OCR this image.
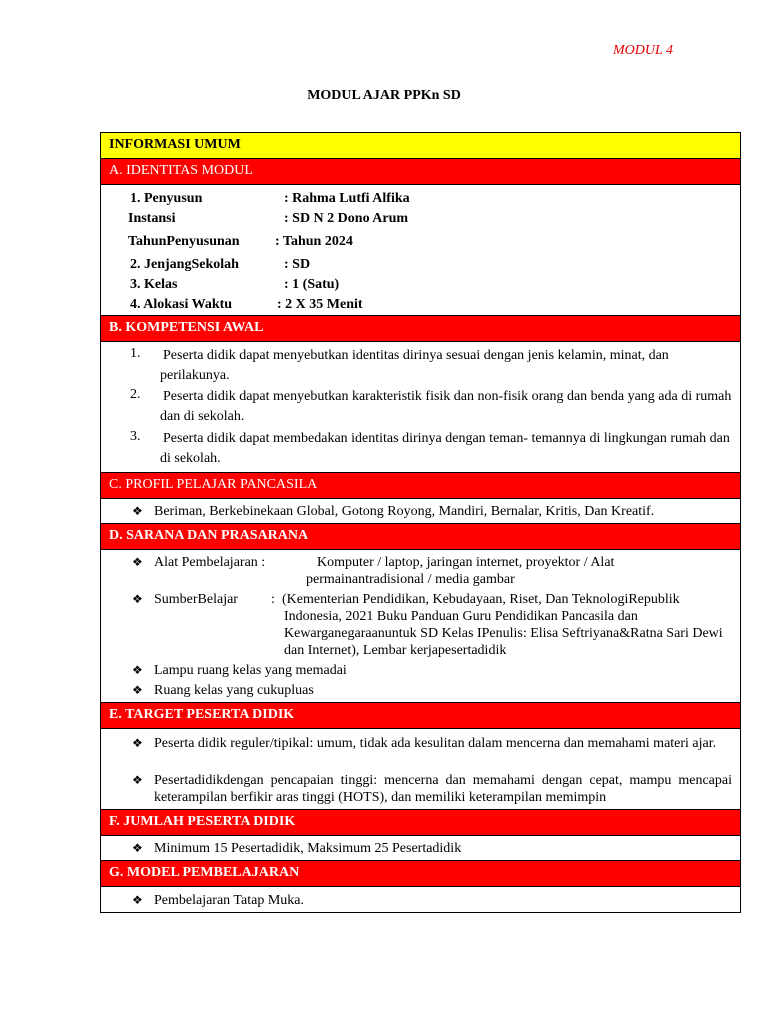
MODUL 4
MODUL AJAR PPKn SD
INFORMASI UMUM
A. IDENTITAS MODUL

1. Penyusun	: Rahma Lutfi Alfika
Instansi	: SD N 2 Dono Arum
TahunPenyusunan	: Tahun 2024
2. JenjangSekolah	: SD
3. Kelas	: 1 (Satu)
4. Alokasi Waktu	: 2 X 35 Menit

B. KOMPETENSI AWAL

1. Peserta didik dapat menyebutkan identitas dirinya sesuai dengan jenis kelamin, minat, dan perilakunya.
2. Peserta didik dapat menyebutkan karakteristik fisik dan non-fisik orang dan benda yang ada di rumah dan di sekolah.
3. Peserta didik dapat membedakan identitas dirinya dengan teman- temannya di lingkungan rumah dan di sekolah.

C. PROFIL PELAJAR PANCASILA

❖ Beriman, Berkebinekaan Global, Gotong Royong, Mandiri, Bernalar, Kritis, Dan Kreatif.

D. SARANA DAN PRASARANA

❖ Alat Pembelajaran :	Komputer / laptop, jaringan internet, proyektor / Alat
permainantradisional / media gambar
❖ SumberBelajar : (Kementerian Pendidikan, Kebudayaan, Riset, Dan TeknologiRepublik Indonesia, 2021 Buku Panduan Guru Pendidikan Pancasila dan Kewarganegaraanuntuk SD Kelas IPenulis: Elisa Seftriyana&Ratna Sari Dewi dan Internet), Lembar kerjapesertadidik
❖ Lampu ruang kelas yang memadai
❖ Ruang kelas yang cukupluas

E. TARGET PESERTA DIDIK

❖ Peserta didik reguler/tipikal: umum, tidak ada kesulitan dalam mencerna dan memahami materi ajar.
❖ Pesertadidikdengan pencapaian tinggi: mencerna dan memahami dengan cepat, mampu mencapai keterampilan berfikir aras tinggi (HOTS), dan memiliki keterampilan memimpin

F. JUMLAH PESERTA DIDIK

❖ Minimum 15 Pesertadidik, Maksimum 25 Pesertadidik

G. MODEL PEMBELAJARAN

❖ Pembelajaran Tatap Muka.
